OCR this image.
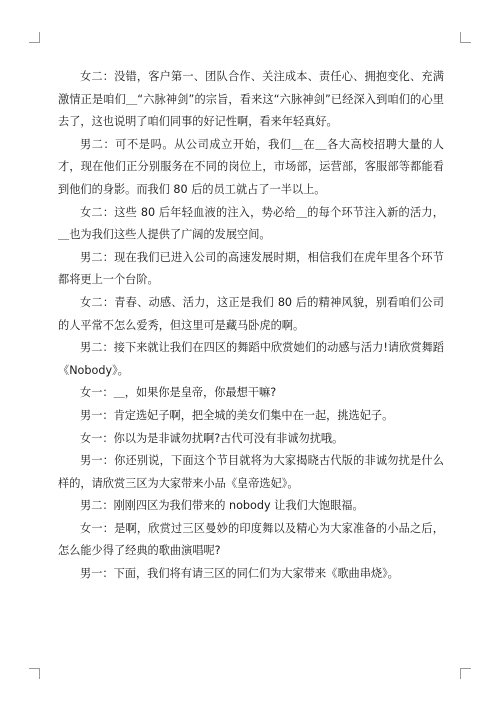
女二：没错，客户第一、团队合作、关注成本、责任心、拥抱变化、充满激情正是咱们＿“六脉神剑”的宗旨，看来这“六脉神剑”已经深入到咱们的心里去了，这也说明了咱们同事的好记性啊，看来年轻真好。

男二：可不是吗。从公司成立开始，我们＿在＿各大高校招聘大量的人才，现在他们正分别服务在不同的岗位上，市场部，运营部，客服部等都能看到他们的身影。而我们 80 后的员工就占了一半以上。

女二：这些 80 后年轻血液的注入，势必给＿的每个环节注入新的活力，＿也为我们这些人提供了广阔的发展空间。

男二：现在我们已进入公司的高速发展时期，相信我们在虎年里各个环节都将更上一个台阶。

女二：青春、动感、活力，这正是我们 80 后的精神风貌，别看咱们公司的人平常不怎么爱秀，但这里可是藏马卧虎的啊。

男二：接下来就让我们在四区的舞蹈中欣赏她们的动感与活力!请欣赏舞蹈《Nobody》。

女一：＿，如果你是皇帝，你最想干嘛?

男一：肯定选妃子啊，把全城的美女们集中在一起，挑选妃子。

女一：你以为是非诚勿扰啊?古代可没有非诚勿扰哦。

男一：你还别说，下面这个节目就将为大家揭晓古代版的非诚勿扰是什么样的，请欣赏三区为大家带来小品《皇帝选妃》。

男二：刚刚四区为我们带来的 nobody 让我们大饱眼福。

女一：是啊，欣赏过三区曼妙的印度舞以及精心为大家准备的小品之后，怎么能少得了经典的歌曲演唱呢?

男一：下面，我们将有请三区的同仁们为大家带来《歌曲串烧》。
